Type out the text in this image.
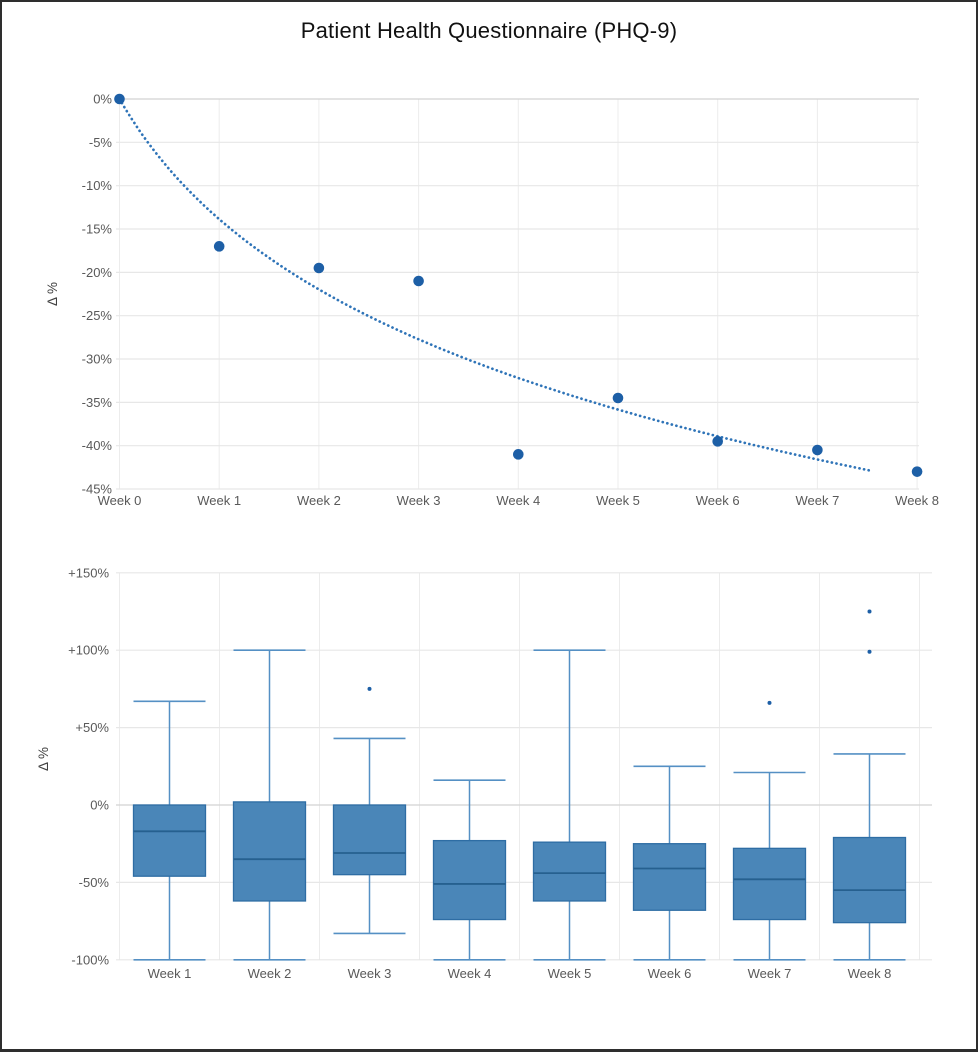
Patient Health Questionnaire (PHQ-9)
0%
-5%
-10%
-15%
-20%
-25%
-30%
-35%
-40%
-45%
Week 0	Week 1	Week 2	Week 3	Week 4	Week 5	Week 6	Week 7	Week 8
Δ %
+150%
+100%
+50%
0%
-50%
-100%
Week 1	Week 2	Week 3	Week 4	Week 5	Week 6	Week 7	Week 8
Δ %
